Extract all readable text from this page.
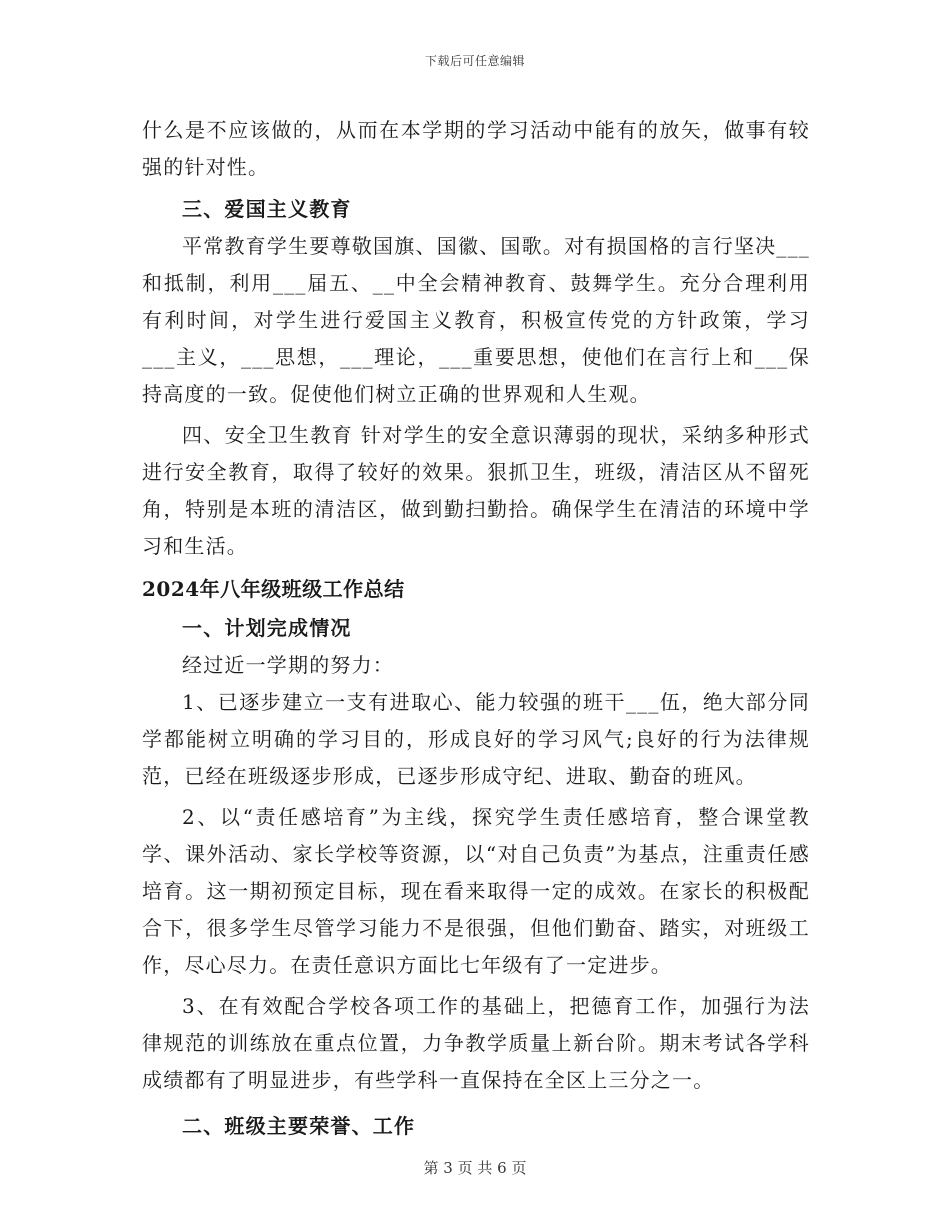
下载后可任意编辑

什么是不应该做的，从而在本学期的学习活动中能有的放矢，做事有较强的针对性。

三、爱国主义教育

平常教育学生要尊敬国旗、国徽、国歌。对有损国格的言行坚决___和抵制，利用___届五、__中全会精神教育、鼓舞学生。充分合理利用有利时间，对学生进行爱国主义教育，积极宣传党的方针政策，学习___主义，___思想，___理论，___重要思想，使他们在言行上和___保持高度的一致。促使他们树立正确的世界观和人生观。

四、安全卫生教育 针对学生的安全意识薄弱的现状，采纳多种形式进行安全教育，取得了较好的效果。狠抓卫生，班级，清洁区从不留死角，特别是本班的清洁区，做到勤扫勤拾。确保学生在清洁的环境中学习和生活。

2024年八年级班级工作总结

一、计划完成情况

经过近一学期的努力：

1、已逐步建立一支有进取心、能力较强的班干___伍，绝大部分同学都能树立明确的学习目的，形成良好的学习风气;良好的行为法律规范，已经在班级逐步形成，已逐步形成守纪、进取、勤奋的班风。

2、以“责任感培育”为主线，探究学生责任感培育，整合课堂教学、课外活动、家长学校等资源，以“对自己负责”为基点，注重责任感培育。这一期初预定目标，现在看来取得一定的成效。在家长的积极配合下，很多学生尽管学习能力不是很强，但他们勤奋、踏实，对班级工作，尽心尽力。在责任意识方面比七年级有了一定进步。

3、在有效配合学校各项工作的基础上，把德育工作，加强行为法律规范的训练放在重点位置，力争教学质量上新台阶。期末考试各学科成绩都有了明显进步，有些学科一直保持在全区上三分之一。

二、班级主要荣誉、工作

第 3 页 共 6 页
